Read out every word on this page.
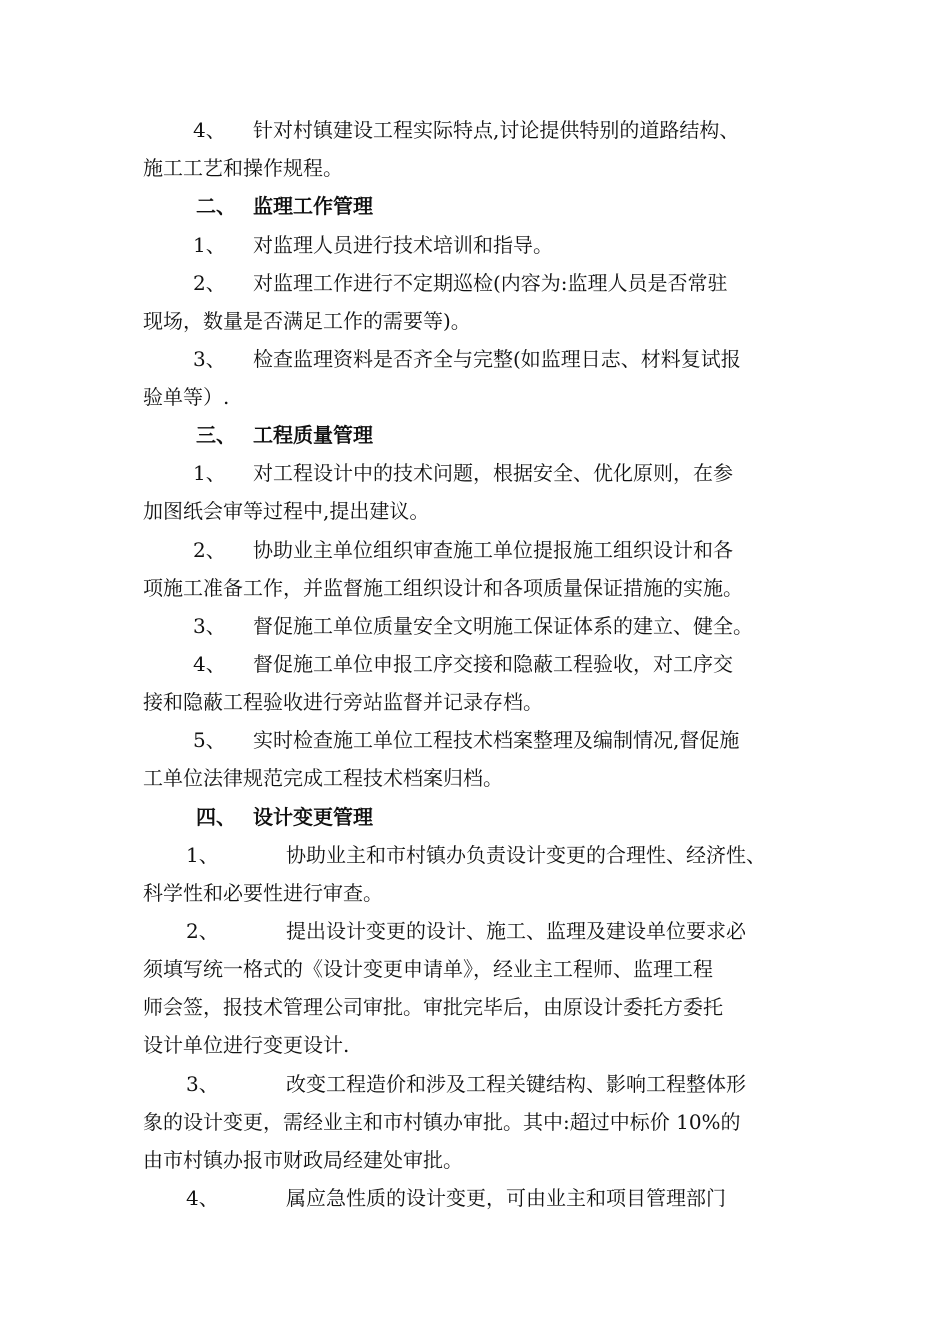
4、 针对村镇建设工程实际特点,讨论提供特别的道路结构、
施工工艺和操作规程。
二、 监理工作管理
1、 对监理人员进行技术培训和指导。
2、 对监理工作进行不定期巡检(内容为:监理人员是否常驻
现场，数量是否满足工作的需要等)。
3、 检查监理资料是否齐全与完整(如监理日志、材料复试报
验单等）.
三、 工程质量管理
1、 对工程设计中的技术问题，根据安全、优化原则，在参
加图纸会审等过程中,提出建议。
2、 协助业主单位组织审查施工单位提报施工组织设计和各
项施工准备工作，并监督施工组织设计和各项质量保证措施的实施。
3、 督促施工单位质量安全文明施工保证体系的建立、健全。
4、 督促施工单位申报工序交接和隐蔽工程验收，对工序交
接和隐蔽工程验收进行旁站监督并记录存档。
5、 实时检查施工单位工程技术档案整理及编制情况,督促施
工单位法律规范完成工程技术档案归档。
四、 设计变更管理
1、	协助业主和市村镇办负责设计变更的合理性、经济性、
科学性和必要性进行审查。
2、	提出设计变更的设计、施工、监理及建设单位要求必
须填写统一格式的《设计变更申请单》，经业主工程师、监理工程
师会签，报技术管理公司审批。审批完毕后，由原设计委托方委托
设计单位进行变更设计.
3、	改变工程造价和涉及工程关键结构、影响工程整体形
象的设计变更，需经业主和市村镇办审批。其中:超过中标价 10%的
由市村镇办报市财政局经建处审批。
4、	属应急性质的设计变更，可由业主和项目管理部门
